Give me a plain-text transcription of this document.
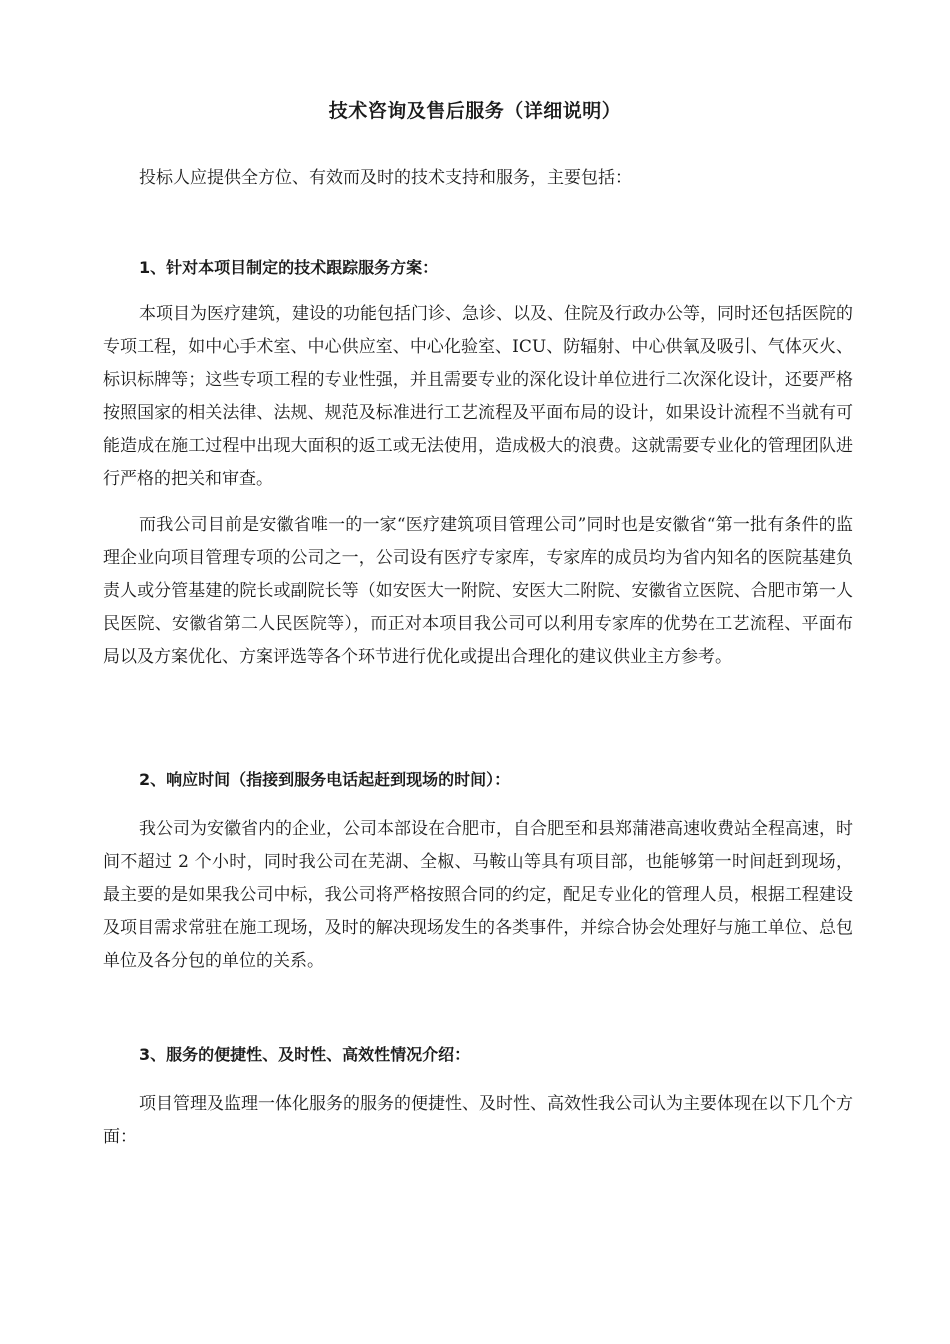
技术咨询及售后服务（详细说明）
投标人应提供全方位、有效而及时的技术支持和服务，主要包括：
1、针对本项目制定的技术跟踪服务方案：
本项目为医疗建筑，建设的功能包括门诊、急诊、以及、住院及行政办公等，同时还包括医院的专项工程，如中心手术室、中心供应室、中心化验室、ICU、防辐射、中心供氧及吸引、气体灭火、标识标牌等；这些专项工程的专业性强，并且需要专业的深化设计单位进行二次深化设计，还要严格按照国家的相关法律、法规、规范及标准进行工艺流程及平面布局的设计，如果设计流程不当就有可能造成在施工过程中出现大面积的返工或无法使用，造成极大的浪费。这就需要专业化的管理团队进行严格的把关和审查。
而我公司目前是安徽省唯一的一家“医疗建筑项目管理公司”同时也是安徽省“第一批有条件的监理企业向项目管理专项的公司之一，公司设有医疗专家库，专家库的成员均为省内知名的医院基建负责人或分管基建的院长或副院长等（如安医大一附院、安医大二附院、安徽省立医院、合肥市第一人民医院、安徽省第二人民医院等），而正对本项目我公司可以利用专家库的优势在工艺流程、平面布局以及方案优化、方案评选等各个环节进行优化或提出合理化的建议供业主方参考。
2、响应时间（指接到服务电话起赶到现场的时间）：
我公司为安徽省内的企业，公司本部设在合肥市，自合肥至和县郑蒲港高速收费站全程高速，时间不超过 2 个小时，同时我公司在芜湖、全椒、马鞍山等具有项目部，也能够第一时间赶到现场，最主要的是如果我公司中标，我公司将严格按照合同的约定，配足专业化的管理人员，根据工程建设及项目需求常驻在施工现场，及时的解决现场发生的各类事件，并综合协会处理好与施工单位、总包单位及各分包的单位的关系。
3、服务的便捷性、及时性、高效性情况介绍：
项目管理及监理一体化服务的服务的便捷性、及时性、高效性我公司认为主要体现在以下几个方面：
